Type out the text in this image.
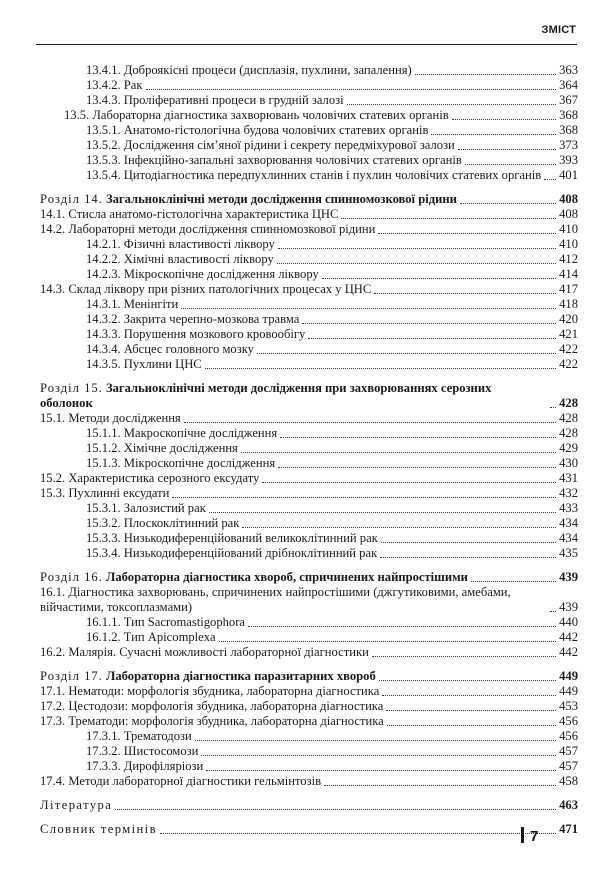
ЗМІСТ
13.4.1. Доброякісні процеси (дисплазія, пухлини, запалення)	363
13.4.2. Рак	364
13.4.3. Проліферативні процеси в грудній залозі	367
13.5. Лабораторна діагностика захворювань чоловічих статевих органів	368
13.5.1. Анатомо-гістологічна будова чоловічих статевих органів	368
13.5.2. Дослідження сім’яної рідини і секрету передміхурової залози	373
13.5.3. Інфекційно-запальні захворювання чоловічих статевих органів	393
13.5.4. Цитодіагностика передпухлинних станів і пухлин чоловічих статевих органів 401
Розділ 14. Загальноклінічні методи дослідження спинномозкової рідини	408
14.1. Стисла анатомо-гістологічна характеристика ЦНС	408
14.2. Лабораторні методи дослідження спинномозкової рідини	410
14.2.1. Фізичні властивості ліквору	410
14.2.2. Хімічні властивості ліквору	412
14.2.3. Мікроскопічне дослідження ліквору	414
14.3. Склад ліквору при різних патологічних процесах у ЦНС	417
14.3.1. Менінгіти	418
14.3.2. Закрита черепно-мозкова травма	420
14.3.3. Порушення мозкового кровообігу	421
14.3.4. Абсцес головного мозку	422
14.3.5. Пухлини ЦНС	422
Розділ 15. Загальноклінічні методи дослідження при захворюваннях серозних оболонок	428
15.1. Методи дослідження	428
15.1.1. Макроскопічне дослідження	428
15.1.2. Хімічне дослідження	429
15.1.3. Мікроскопічне дослідження	430
15.2. Характеристика серозного ексудату	431
15.3. Пухлинні ексудати	432
15.3.1. Залозистий рак	433
15.3.2. Плоскоклітинний рак	434
15.3.3. Низькодиференційований великоклітинний рак	434
15.3.4. Низькодиференційований дрібноклітинний рак	435
Розділ 16. Лабораторна діагностика хвороб, спричинених найпростішими	439
16.1. Діагностика захворювань, спричинених найпростішими (джгутиковими, амебами, війчастими, токсоплазмами)	439
16.1.1. Тип Sacromastigophora	440
16.1.2. Тип Apicomplexa	442
16.2. Малярія. Сучасні можливості лабораторної діагностики	442
Розділ 17. Лабораторна діагностика паразитарних хвороб	449
17.1. Нематоди: морфологія збудника, лабораторна діагностика	449
17.2. Цестодози: морфологія збудника, лабораторна діагностика	453
17.3. Трематоди: морфологія збудника, лабораторна діагностика	456
17.3.1. Трематодози	456
17.3.2. Шистосомози	457
17.3.3. Дирофіляріози	457
17.4. Методи лабораторної діагностики гельмінтозів	458
Література	463
Словник термінів	471
7
